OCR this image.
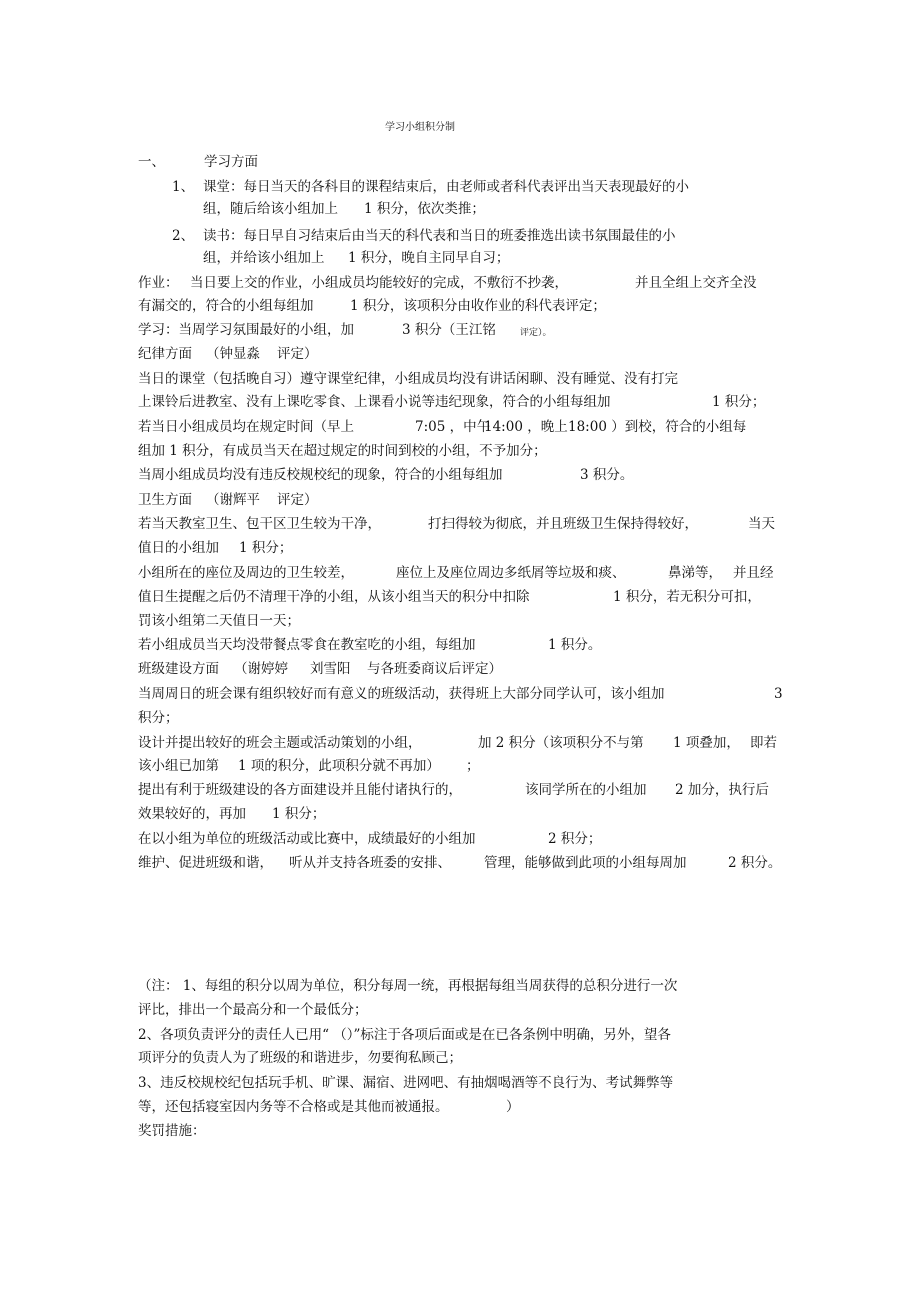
学习小组积分制
一、	学习方面
1、 课堂：每日当天的各科目的课程结束后，由老师或者科代表评出当天表现最好的小
组，随后给该小组加上 1 积分，依次类推；
2、 读书：每日早自习结束后由当天的科代表和当日的班委推选出读书氛围最佳的小
组，并给该小组加上 1 积分，晚自主同早自习；
作业： 当日要上交的作业，小组成员均能较好的完成，不敷衍不抄袭，	并且全组上交齐全没
有漏交的，符合的小组每组加	1 积分，该项积分由收作业的科代表评定；
学习：当周学习氛围最好的小组，加	3 积分（王江铭	评定）。
纪律方面 （钟显淼 评定）
当日的课堂（包括晚自习）遵守课堂纪律，小组成员均没有讲话闲聊、没有睡觉、没有打完
上课铃后进教室、没有上课吃零食、上课看小说等违纪现象，符合的小组每组加	1 积分；
若当日小组成员均在规定时间（早上	7:05 ，中午
14:00 ，晚上 18:00 ）到校，符合的小组每
组加 1 积分，有成员当天在超过规定的时间到校的小组，不予加分；
当周小组成员均没有违反校规校纪的现象，符合的小组每组加	3 积分。
卫生方面 （谢辉平 评定）
若当天教室卫生、包干区卫生较为干净，	打扫得较为彻底，并且班级卫生保持得较好，	当天
值日的小组加 1 积分；
小组所在的座位及周边的卫生较差，	座位上及座位周边多纸屑等垃圾和痰、	鼻涕等， 并且经
值日生提醒之后仍不清理干净的小组，从该小组当天的积分中扣除	1 积分，若无积分可扣，
罚该小组第二天值日一天；
若小组成员当天均没带餐点零食在教室吃的小组，每组加	1 积分。
班级建设方面 （谢婷婷 刘雪阳 与各班委商议后评定）
当周周日的班会课有组织较好而有意义的班级活动，获得班上大部分同学认可，该小组加	3
积分；
设计并提出较好的班会主题或活动策划的小组，	加 2 积分（该项积分不与第 1 项叠加， 即若
该小组已加第 1 项的积分，此项积分就不再加） ；
提出有利于班级建设的各方面建设并且能付诸执行的，	该同学所在的小组加 2 加分，执行后
效果较好的，再加 1 积分；
在以小组为单位的班级活动或比赛中，成绩最好的小组加	2 积分；
维护、促进班级和谐， 听从并支持各班委的安排、 管理，能够做到此项的小组每周加	2 积分。
（注： 1、每组的积分以周为单位，积分每周一统，再根据每组当周获得的总积分进行一次
评比，排出一个最高分和一个最低分；
2、各项负责评分的责任人已用“ （）”标注于各项后面或是在已各条例中明确，另外，望各
项评分的负责人为了班级的和谐进步，勿要徇私顾己；
3、违反校规校纪包括玩手机、旷课、漏宿、进网吧、有抽烟喝酒等不良行为、考试舞弊等
等，还包括寝室因内务等不合格或是其他而被通报。	）
奖罚措施：
